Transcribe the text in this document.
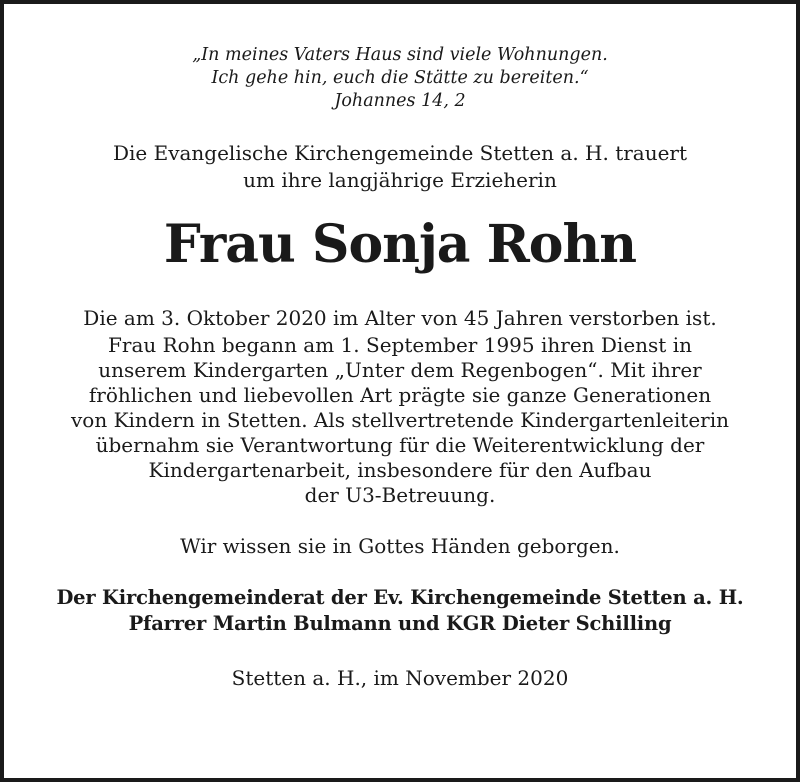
„In meines Vaters Haus sind viele Wohnungen.
Ich gehe hin, euch die Stätte zu bereiten.“
Johannes 14, 2
Die Evangelische Kirchengemeinde Stetten a. H. trauert
um ihre langjährige Erzieherin
Frau Sonja Rohn
Die am 3. Oktober 2020 im Alter von 45 Jahren verstorben ist.
Frau Rohn begann am 1. September 1995 ihren Dienst in
unserem Kindergarten „Unter dem Regenbogen“. Mit ihrer
fröhlichen und liebevollen Art prägte sie ganze Generationen
von Kindern in Stetten. Als stellvertretende Kindergartenleiterin
übernahm sie Verantwortung für die Weiterentwicklung der
Kindergartenarbeit, insbesondere für den Aufbau
der U3-Betreuung.
Wir wissen sie in Gottes Händen geborgen.
Der Kirchengemeinderat der Ev. Kirchengemeinde Stetten a. H.
Pfarrer Martin Bulmann und KGR Dieter Schilling
Stetten a. H., im November 2020
